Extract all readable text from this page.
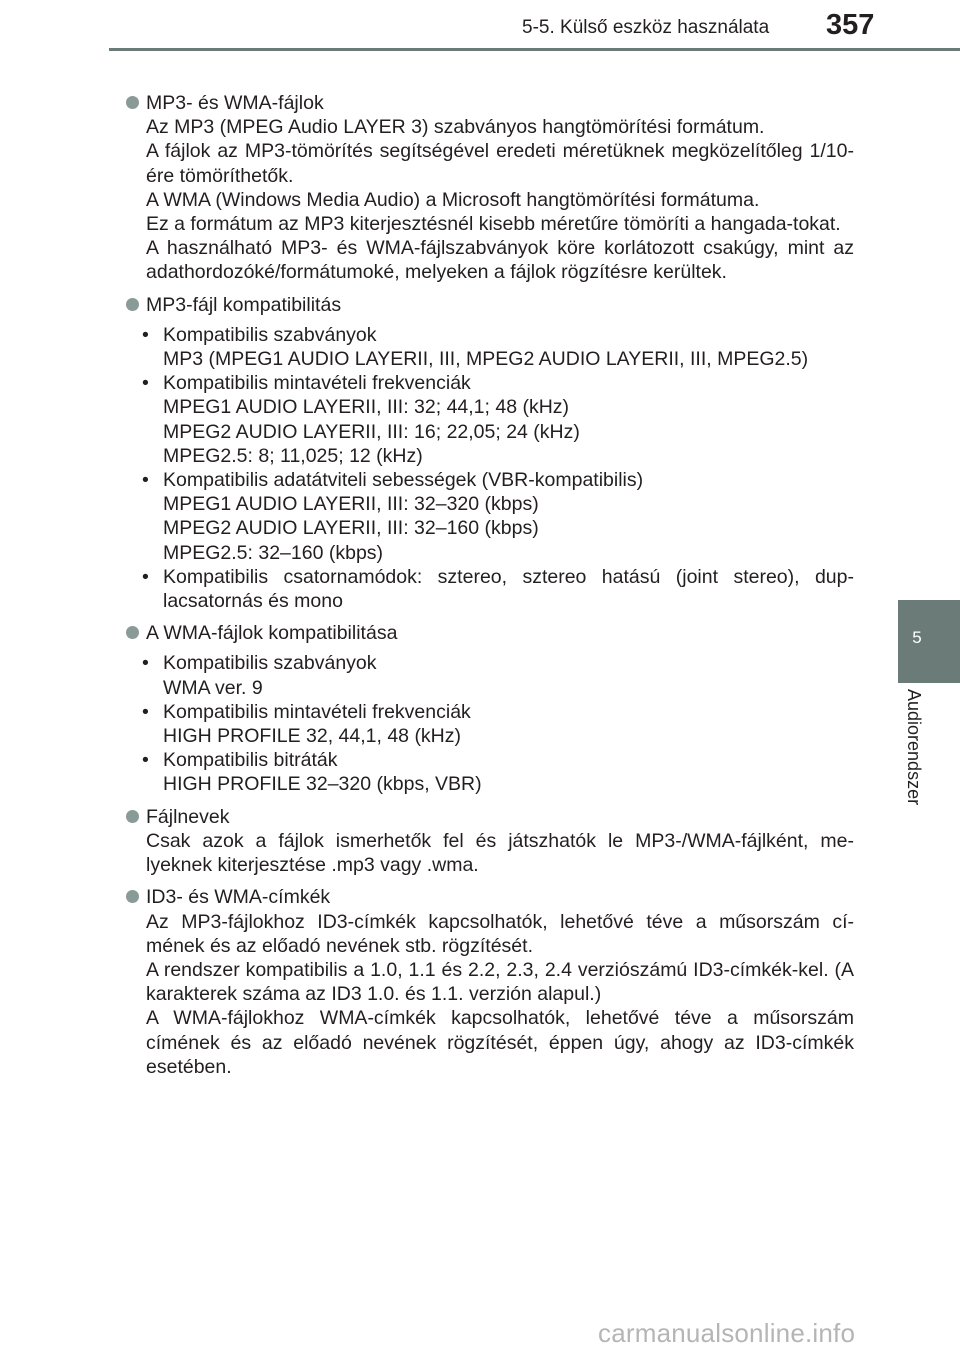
5-5. Külső eszköz használata 357
5
Audiorendszer
MP3- és WMA-fájlok

Az MP3 (MPEG Audio LAYER 3) szabványos hangtömörítési formátum.

A fájlok az MP3-tömörítés segítségével eredeti méretüknek megközelítőleg 1/10-ére tömöríthetők.

A WMA (Windows Media Audio) a Microsoft hangtömörítési formátuma.

Ez a formátum az MP3 kiterjesztésnél kisebb méretűre tömöríti a hangada-tokat.

A használható MP3- és WMA-fájlszabványok köre korlátozott csakúgy, mint az adathordozóké/formátumoké, melyeken a fájlok rögzítésre kerültek.

MP3-fájl kompatibilitás
• Kompatibilis szabványok
MP3 (MPEG1 AUDIO LAYERII, III, MPEG2 AUDIO LAYERII, III, MPEG2.5)
• Kompatibilis mintavételi frekvenciák
MPEG1 AUDIO LAYERII, III: 32; 44,1; 48 (kHz)
MPEG2 AUDIO LAYERII, III: 16; 22,05; 24 (kHz)
MPEG2.5: 8; 11,025; 12 (kHz)
• Kompatibilis adatátviteli sebességek (VBR-kompatibilis)
MPEG1 AUDIO LAYERII, III: 32–320 (kbps)
MPEG2 AUDIO LAYERII, III: 32–160 (kbps)
MPEG2.5: 32–160 (kbps)
• Kompatibilis csatornamódok: sztereo, sztereo hatású (joint stereo), dup-lacsatornás és mono
A WMA-fájlok kompatibilitása
• Kompatibilis szabványok
WMA ver. 9
• Kompatibilis mintavételi frekvenciák
HIGH PROFILE 32, 44,1, 48 (kHz)
• Kompatibilis bitráták
HIGH PROFILE 32–320 (kbps, VBR)
Fájlnevek

Csak azok a fájlok ismerhetők fel és játszhatók le MP3-/WMA-fájlként, me-lyeknek kiterjesztése .mp3 vagy .wma.

ID3- és WMA-címkék

Az MP3-fájlokhoz ID3-címkék kapcsolhatók, lehetővé téve a műsorszám cí-mének és az előadó nevének stb. rögzítését.

A rendszer kompatibilis a 1.0, 1.1 és 2.2, 2.3, 2.4 verziószámú ID3-címkék-kel. (A karakterek száma az ID3 1.0. és 1.1. verzión alapul.)

A WMA-fájlokhoz WMA-címkék kapcsolhatók, lehetővé téve a műsorszám címének és az előadó nevének rögzítését, éppen úgy, ahogy az ID3-címkék esetében.

carmanualsonline.info
